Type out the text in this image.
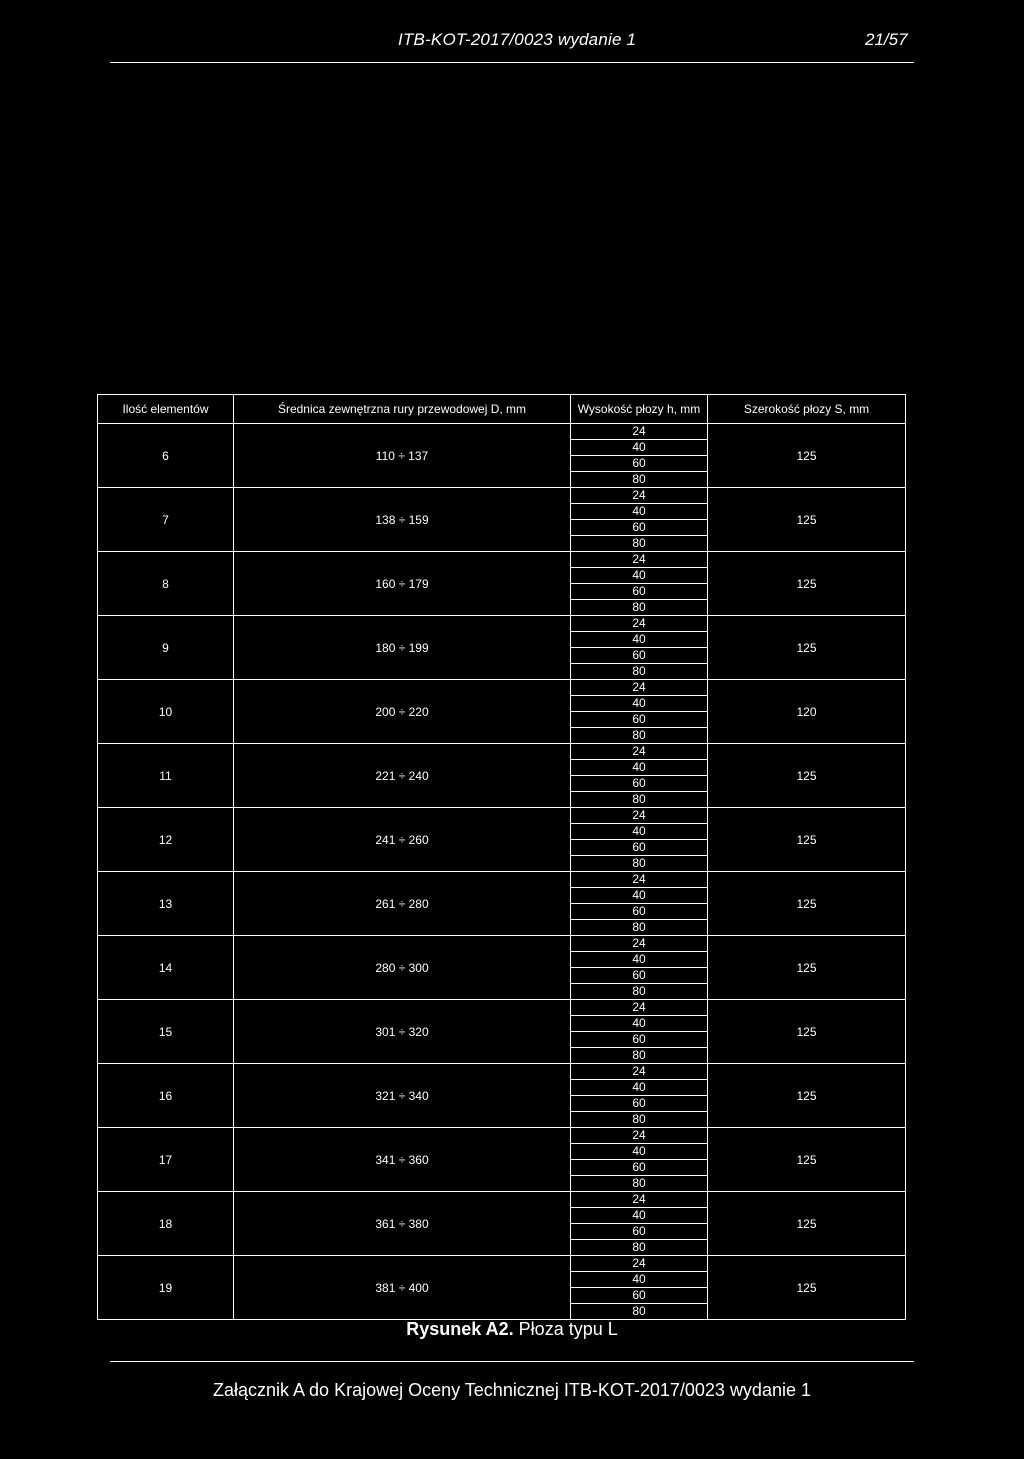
ITB-KOT-2017/0023 wydanie 1	21/57
Ilość elementów	Średnica zewnętrzna rury przewodowej D, mm	Wysokość płozy h, mm	Szerokość płozy S, mm
6	110 ÷ 137	24	125
		40	
		60	
		80	
7	138 ÷ 159	24	125
		40	
		60	
		80	
8	160 ÷ 179	24	125
		40	
		60	
		80	
9	180 ÷ 199	24	125
		40	
		60	
		80	
10	200 ÷ 220	24	120
		40	
		60	
		80	
11	221 ÷ 240	24	125
		40	
		60	
		80	
12	241 ÷ 260	24	125
		40	
		60	
		80	
13	261 ÷ 280	24	125
		40	
		60	
		80	
14	280 ÷ 300	24	125
		40	
		60	
		80	
15	301 ÷ 320	24	125
		40	
		60	
		80	
16	321 ÷ 340	24	125
		40	
		60	
		80	
17	341 ÷ 360	24	125
		40	
		60	
		80	
18	361 ÷ 380	24	125
		40	
		60	
		80	
19	381 ÷ 400	24	125
		40	
		60	
		80	
Rysunek A2. Płoza typu L
Załącznik A do Krajowej Oceny Technicznej ITB-KOT-2017/0023 wydanie 1
